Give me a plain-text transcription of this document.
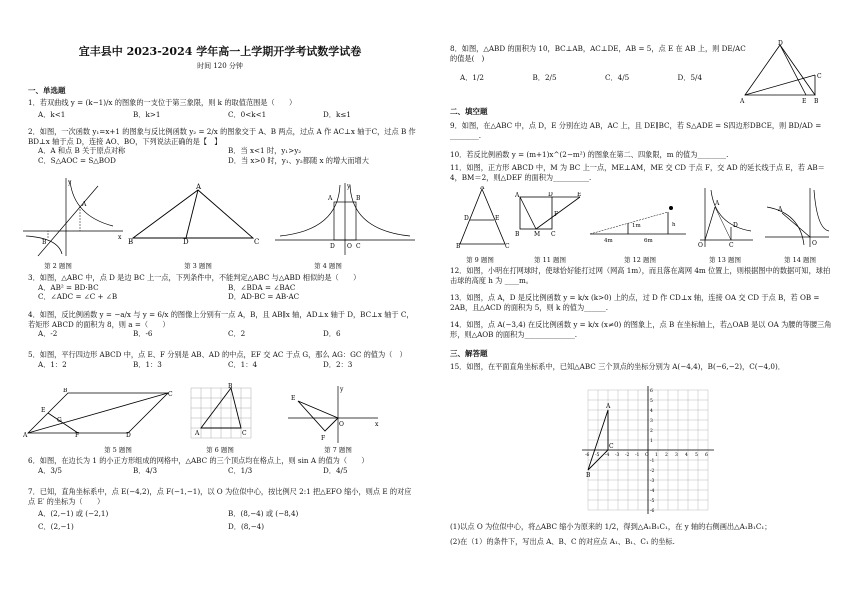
宜丰县中 2023-2024 学年高一上学期开学考试数学试卷
时间 120 分钟
一、单选题
1．若双曲线 y = (k−1)/x 的图象的一支位于第三象限，则 k 的取值范围是（　　）
A．k<1	B．k>1	C．0<k<1	D．k≤1
2．如图，一次函数 y₁=x+1 的图象与反比例函数 y₂ = 2/x 的图象交于 A、B 两点，过点 A 作 AC⊥x 轴于C，过点 B 作 BD⊥x 轴于点 D，连接 AO、BO，下列说法正确的是【　】
A．A 和点 B 关于原点对称	B．当 x<1 时，y₁>y₂
C．S△AOC = S△BOD	D．当 x>0 时，y₁、y₂都随 x 的增大而增大
A
B
y
x
第 2 题图
A
B	D	C
第 3 题图
A	B
D O C
y
第 4 题图
3．如图，△ABC 中，点 D 是边 BC 上一点，下列条件中，不能判定△ABC 与△ABD 相似的是（　　）
A．AB² = BD·BC	B．∠BDA = ∠BAC
C．∠ADC = ∠C + ∠B	D．AD·BC = AB·AC
4．如图，反比例函数 y = −a/x 与 y = 6/x 的图像上分别有一点 A，B，且 AB∥x 轴，AD⊥x 轴于 D，BC⊥x 轴于 C，若矩形 ABCD 的面积为 8，则 a =（　　）
A．-2	B．-6	C．2	D．6
5．如图，平行四边形 ABCD 中，点 E、F 分别是 AB、AD 的中点，EF 交 AC 于点 G，那么 AG：GC 的值为（　）
A．1：2	B．1：3	C．1：4	D．2：3
A
B
C
D
E
F
G
第 5 题图
A
B
C
第 6 题图
E
F
O
y
x
第 7 题图
6．如图，在边长为 1 的小正方形组成的网格中，△ABC 的三个顶点均在格点上，则 sin A 的值为（　　）
A．3/5	B．4/3	C．1/3	D．4/5
7．已知，直角坐标系中，点 E(−4,2)，点 F(−1,−1)，以 O 为位似中心，按比例尺 2:1 把△EFO 缩小，则点 E 的对应点 E′ 的坐标为（　　）
A．(2,−1) 或 (−2,1)	B．(8,−4) 或 (−8,4)
C．(2,−1)	D．(8,−4)
8．如图，△ABD 的面积为 10，BC⊥AB，AC⊥DE，AB = 5，点 E 在 AB 上，则 DE/AC 的值是(　)
A．1/2	B．2/5	C．4/5	D．5/4
A
D
C
E B
二、填空题
9．如图，在△ABC 中，点 D，E 分别在边 AB，AC 上，且 DE∥BC，若 S△ADE = S四边形DBCE，则 BD/AD = ________.
10．若反比例函数 y = (m+1)x^(2−m²) 的图象在第二、四象限，m 的值为________.
11．如图，正方形 ABCD 中，M 为 BC 上一点，ME⊥AM，ME 交 CD 于点 F，交 AD 的延长线于点 E，若 AB＝4，BM＝2，则△DEF 的面积为__________.
A
D	E
B	C
第 9 题图
A	D	E
B M C
F
第 11 题图
1m
4m	6m
h
第 12 题图
A
D
O	C
第 13 题图
A
O
第 14 题图
12．如图，小明在打网球时，使球恰好能打过网（网高 1m），而且落在离网 4m 位置上，则根据图中的数据可知，球拍击球的高度 h 为 ____m。
13．如图，点 A，D 是反比例函数 y = k/x (k>0) 上的点，过 D 作 CD⊥x 轴，连接 OA 交 CD 于点 B，若 OB = 2AB，且△ACD 的面积为 5，则 k 的值为______.
14．如图，点 A(−3,4) 在反比例函数 y = k/x (x≠0) 的图象上，点 B 在坐标轴上，若△OAB 是以 OA 为腰的等腰三角形，则△AOB 的面积为______________.
三、解答题
15．如图，在平面直角坐标系中，已知△ABC 三个顶点的坐标分别为 A(−4,4)，B(−6,−2)，C(−4,0)．
-6 -5 -4 -3 -2 -1 O 1 2 3 4 5 6
6
5
4
3
2
1
-1
-2
-3
-4
-5
-6
A
B
C
(1)以点 O 为位似中心，将△ABC 缩小为原来的 1/2，得到△A₁B₁C₁，在 y 轴的右侧画出△A₁B₁C₁；
(2)在（1）的条件下，写出点 A、B、C 的对应点 A₁、B₁、C₁ 的坐标.
